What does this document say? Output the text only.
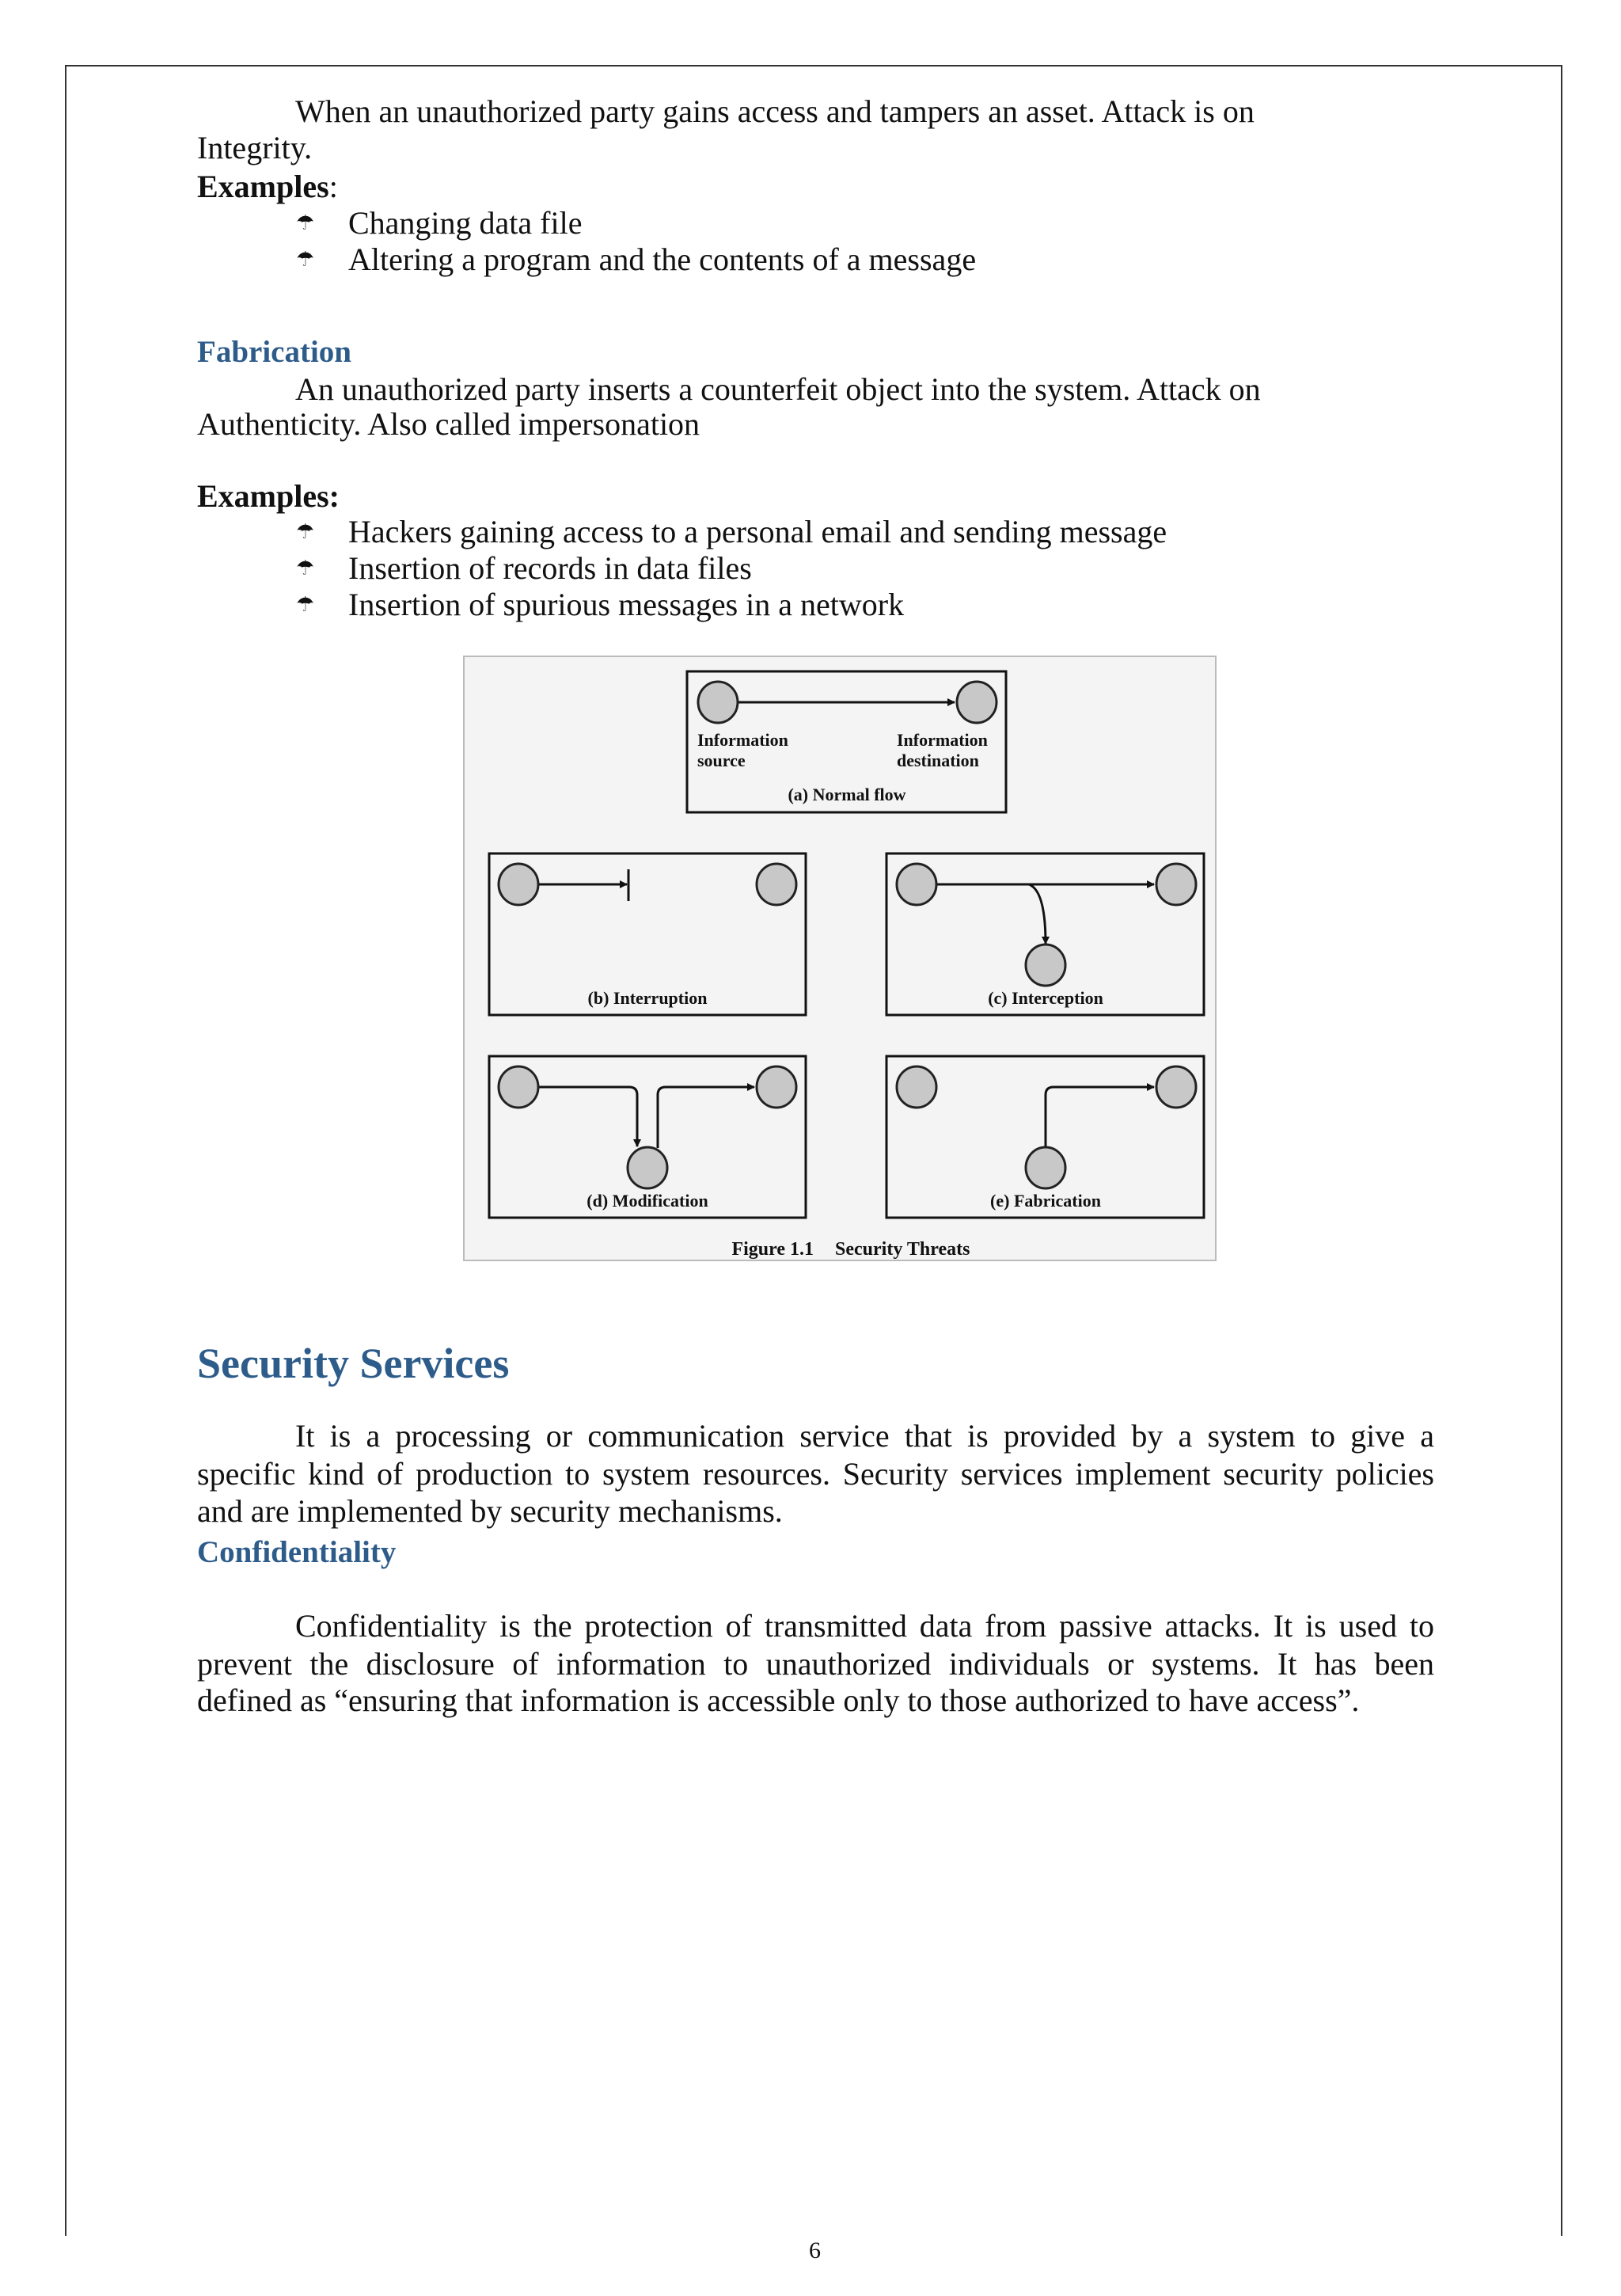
When an unauthorized party gains access and tampers an asset. Attack is on
Integrity.
Examples:
☂ Changing data file
☂ Altering a program and the contents of a message
Fabrication
An unauthorized party inserts a counterfeit object into the system. Attack on
Authenticity. Also called impersonation
Examples:
☂ Hackers gaining access to a personal email and sending message
☂ Insertion of records in data files
☂ Insertion of spurious messages in a network
Information
source
Information
destination
(a) Normal flow
(b) Interruption	(c) Interception
(d) Modification	(e) Fabrication
Figure 1.1 Security Threats
Security Services
It is a processing or communication service that is provided by a system to give a
specific kind of production to system resources. Security services implement security policies
and are implemented by security mechanisms.
Confidentiality
Confidentiality is the protection of transmitted data from passive attacks. It is used to
prevent the disclosure of information to unauthorized individuals or systems. It has been
defined as “ensuring that information is accessible only to those authorized to have access”.
6
